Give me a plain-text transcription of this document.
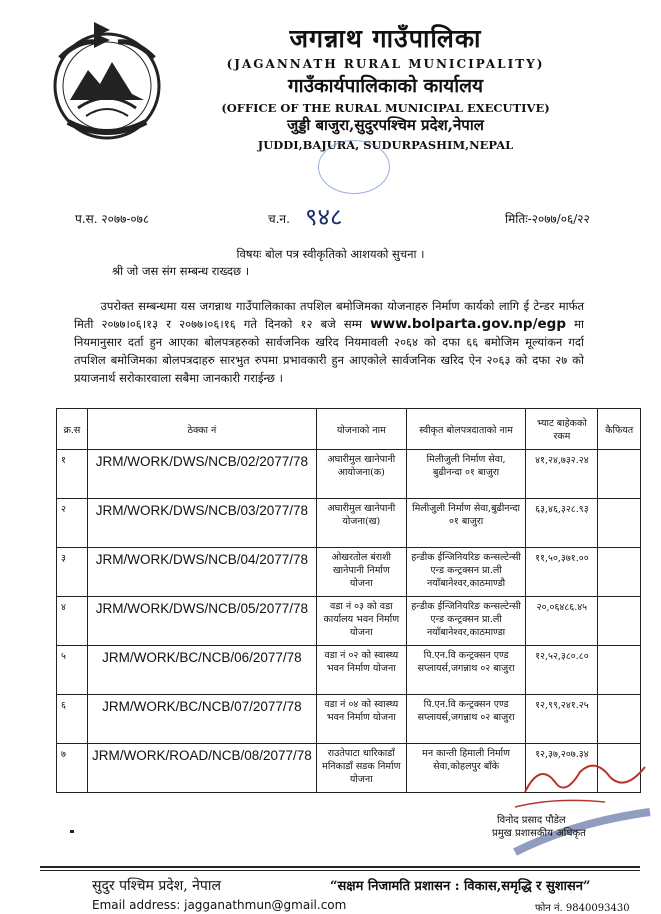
जगन्नाथ गाउँपालिका
(JAGANNATH RURAL MUNICIPALITY)
गाउँकार्यपालिकाको कार्यालय
(OFFICE OF THE RURAL MUNICIPAL EXECUTIVE)
जुड्डी बाजुरा,सुदुरपश्चिम प्रदेश,नेपाल
JUDDI,BAJURA, SUDURPASHIM,NEPAL
प.स. २०७७-०७८	च.न. ९४८	मितिः-२०७७/०६/२२
विषयः बोल पत्र स्वीकृतिको आशयको सुचना ।
श्री जो जस संग सम्बन्ध राख्दछ ।
उपरोक्त सम्बन्धमा यस जगन्नाथ गाउँपालिकाका तपशिल बमोजिमका योजनाहरु निर्माण कार्यको लागि ई टेन्डर मार्फत मिती २०७७।०६।१३ र २०७७।०६।१६ गते दिनको १२ बजे सम्म www.bolparta.gov.np/egp मा नियमानुसार दर्ता हुन आएका बोलपत्रहरुको सार्वजनिक खरिद नियमावली २०६४ को दफा ६६ बमोजिम मूल्यांकन गर्दा तपशिल बमोजिमका बोलपत्रदाहरु सारभुत रुपमा प्रभावकारी हुन आएकोले सार्वजनिक खरिद ऐन २०६३ को दफा २७ को प्रयाजनार्थ सरोकारवाला सबैमा जानकारी गराईन्छ ।
क्र.स	ठेक्का नं	योजनाको नाम	स्वीकृत बोलपत्रदाताको नाम	भ्याट बाहेकको रकम	कैफियत
१	JRM/WORK/DWS/NCB/02/2077/78	अघारीमुल खानेपानी आयोजना(क)	मिलीजुली निर्माण सेवा, बुढीनन्दा ०१ बाजुरा	४१,२४,७३२.२४	
२	JRM/WORK/DWS/NCB/03/2077/78	अघारीमुल खानेपानी योजना(ख)	मिलीजुली निर्माण सेवा,बुढीनन्दा ०१ बाजुरा	६३,४६,३२८.९३	
३	JRM/WORK/DWS/NCB/04/2077/78	ओखरतोल बंराशी खानेपानी निर्माण योजना	हन्डीक ईन्जिनियरिङ कन्सल्टेन्सी एन्ड कन्ट्रक्सन प्रा.ली नयाँबानेश्वर,काठमाण्डौ	११,५०,३७१.००	
४	JRM/WORK/DWS/NCB/05/2077/78	वडा नं ०३ को वडा कार्यालय भवन निर्माण योजना	हन्डीक ईन्जिनियरिङ कन्सल्टेन्सी एन्ड कन्ट्रक्सन प्रा.ली नयाँबानेश्वर,काठमाण्डा	२०,०६४८६.४५	
५	JRM/WORK/BC/NCB/06/2077/78	वडा नं ०२ को स्वास्थ्य भवन निर्माण योजना	पि.एन.वि कन्ट्रक्सन एण्ड सप्लायर्स,जगन्नाथ ०२ बाजुरा	१२,५२,३८०.८०	
६	JRM/WORK/BC/NCB/07/2077/78	वडा नं ०४ को स्वास्थ्य भवन निर्माण योजना	पि.एन.वि कन्ट्रक्सन एण्ड सप्लायर्स,जगन्नाथ ०२ बाजुरा	१२,९९,२४१.२५	
७	JRM/WORK/ROAD/NCB/08/2077/78	राउतेपाटा धारिकाडाँ मनिकाडाँ सडक निर्माण योजना	मन कान्ती हिमाली निर्माण सेवा,कोहलपुर बाँके	१२,३७,२०७.३४	
विनोद प्रसाद पौडेल
प्रमुख प्रशासकीय अधिकृत
सुदुर पश्चिम प्रदेश, नेपाल	“सक्षम निजामति प्रशासन : विकास,समृद्धि र सुशासन”
Email address: jagganathmun@gmail.com	फोन नं. 9840093430
